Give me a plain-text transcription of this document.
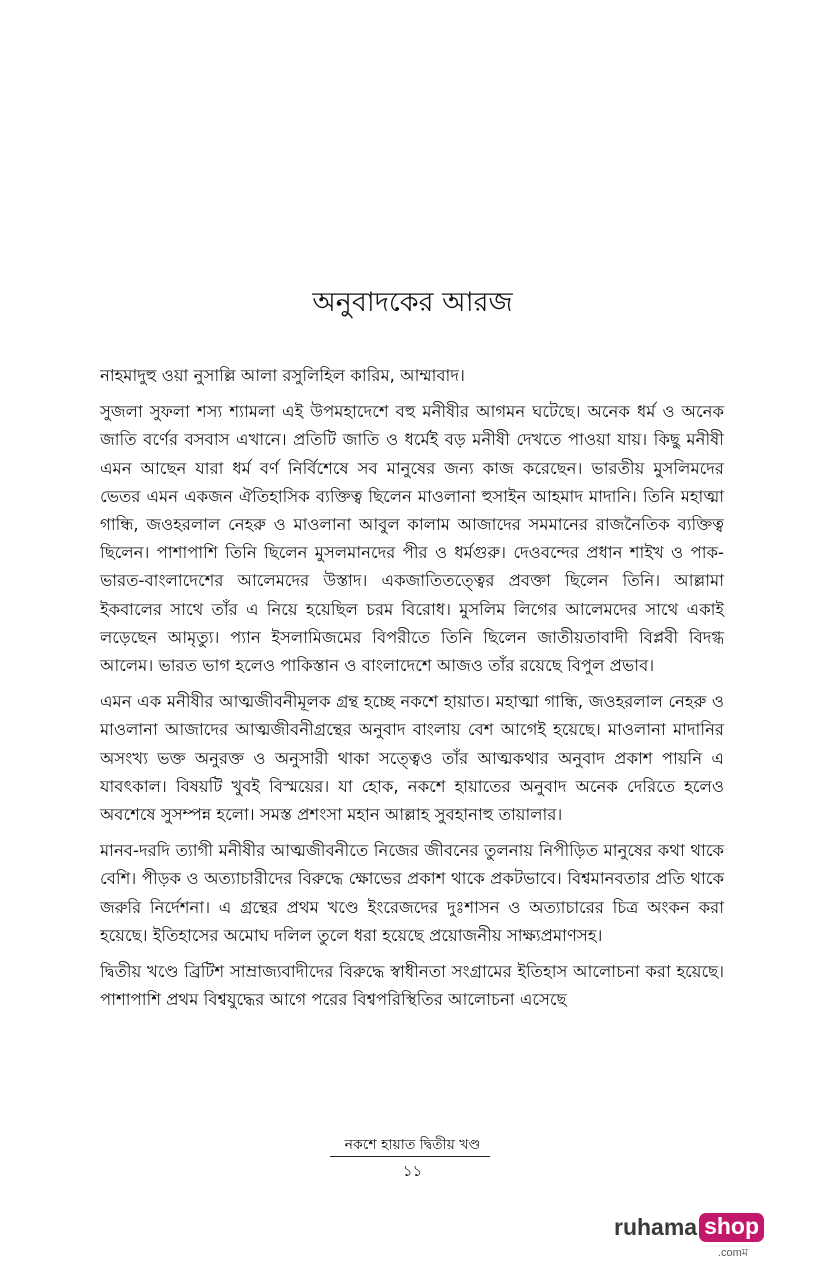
অনুবাদকের আরজ

নাহমাদুহু ওয়া নুসাল্লি আলা রসুলিহিল কারিম, আম্মাবাদ।

সুজলা সুফলা শস্য শ্যামলা এই উপমহাদেশে বহু মনীষীর আগমন ঘটেছে। অনেক ধর্ম ও অনেক জাতি বর্ণের বসবাস এখানে। প্রতিটি জাতি ও ধর্মেই বড় মনীষী দেখতে পাওয়া যায়। কিছু মনীষী এমন আছেন যারা ধর্ম বর্ণ নির্বিশেষে সব মানুষের জন্য কাজ করেছেন। ভারতীয় মুসলিমদের ভেতর এমন একজন ঐতিহাসিক ব্যক্তিত্ব ছিলেন মাওলানা হুসাইন আহমাদ মাদানি। তিনি মহাত্মা গান্ধি, জওহরলাল নেহরু ও মাওলানা আবুল কালাম আজাদের সমমানের রাজনৈতিক ব্যক্তিত্ব ছিলেন। পাশাপাশি তিনি ছিলেন মুসলমানদের পীর ও ধর্মগুরু। দেওবন্দের প্রধান শাইখ ও পাক-ভারত-বাংলাদেশের আলেমদের উস্তাদ। একজাতিতত্ত্বের প্রবক্তা ছিলেন তিনি। আল্লামা ইকবালের সাথে তাঁর এ নিয়ে হয়েছিল চরম বিরোধ। মুসলিম লিগের আলেমদের সাথে একাই লড়েছেন আমৃত্যু। প্যান ইসলামিজমের বিপরীতে তিনি ছিলেন জাতীয়তাবাদী বিপ্লবী বিদগ্ধ আলেম। ভারত ভাগ হলেও পাকিস্তান ও বাংলাদেশে আজও তাঁর রয়েছে বিপুল প্রভাব।

এমন এক মনীষীর আত্মজীবনীমূলক গ্রন্থ হচ্ছে নকশে হায়াত। মহাত্মা গান্ধি, জওহরলাল নেহরু ও মাওলানা আজাদের আত্মজীবনীগ্রন্থের অনুবাদ বাংলায় বেশ আগেই হয়েছে। মাওলানা মাদানির অসংখ্য ভক্ত অনুরক্ত ও অনুসারী থাকা সত্ত্বেও তাঁর আত্মকথার অনুবাদ প্রকাশ পায়নি এ যাবৎকাল। বিষয়টি খুবই বিস্ময়ের। যা হোক, নকশে হায়াতের অনুবাদ অনেক দেরিতে হলেও অবশেষে সুসম্পন্ন হলো। সমস্ত প্রশংসা মহান আল্লাহ সুবহানাহু তায়ালার।

মানব-দরদি ত্যাগী মনীষীর আত্মজীবনীতে নিজের জীবনের তুলনায় নিপীড়িত মানুষের কথা থাকে বেশি। পীড়ক ও অত্যাচারীদের বিরুদ্ধে ক্ষোভের প্রকাশ থাকে প্রকটভাবে। বিশ্বমানবতার প্রতি থাকে জরুরি নির্দেশনা। এ গ্রন্থের প্রথম খণ্ডে ইংরেজদের দুঃশাসন ও অত্যাচারের চিত্র অংকন করা হয়েছে। ইতিহাসের অমোঘ দলিল তুলে ধরা হয়েছে প্রয়োজনীয় সাক্ষ্যপ্রমাণসহ।

দ্বিতীয় খণ্ডে ব্রিটিশ সাম্রাজ্যবাদীদের বিরুদ্ধে স্বাধীনতা সংগ্রামের ইতিহাস আলোচনা করা হয়েছে। পাশাপাশি প্রথম বিশ্বযুদ্ধের আগে পরের বিশ্বপরিস্থিতির আলোচনা এসেছে

নকশে হায়াত দ্বিতীয় খণ্ড
১১
ruhama shop
.comম
